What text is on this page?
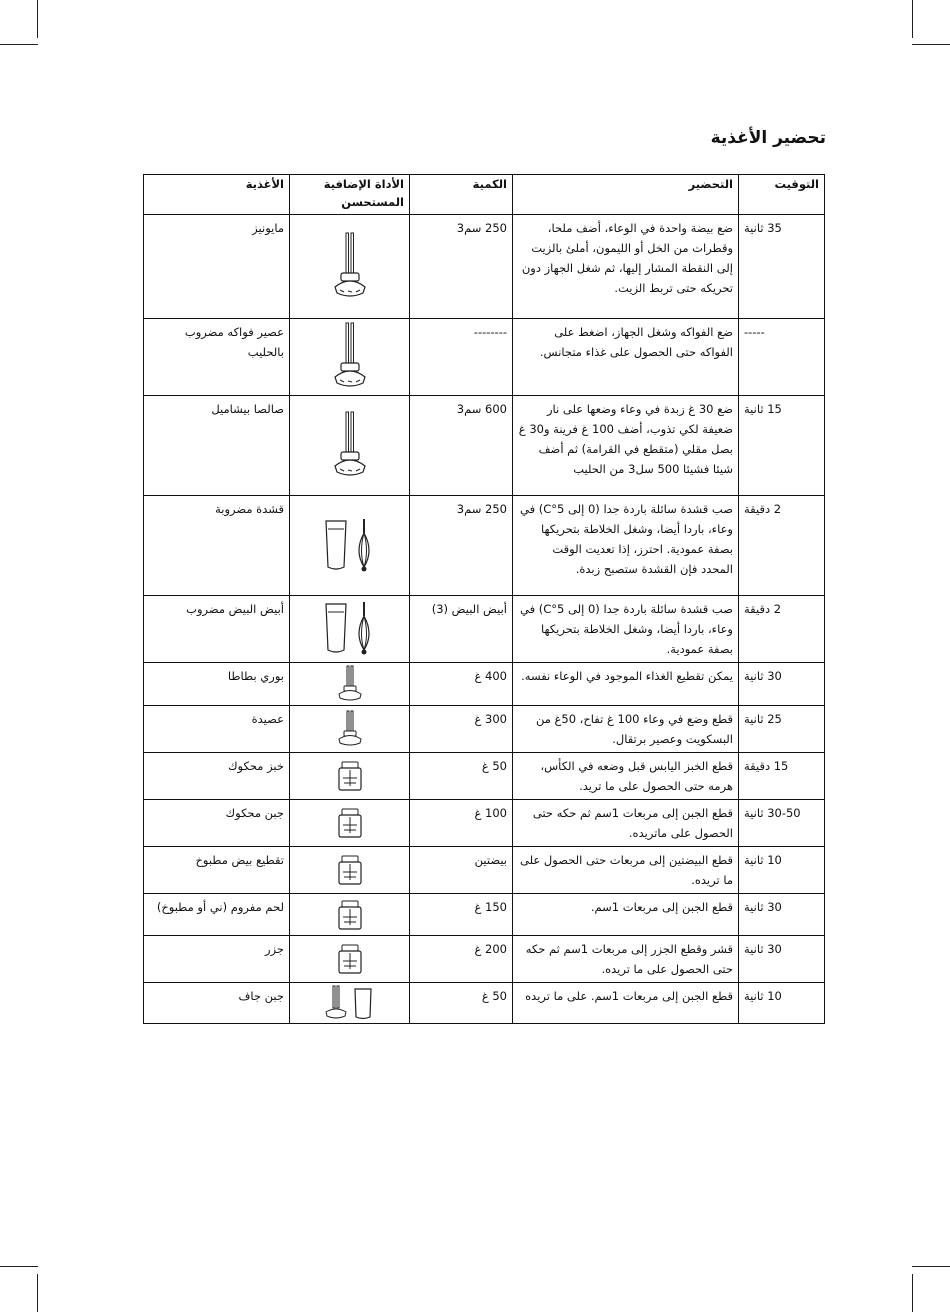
تحضير الأغذية
التوقيت	التحضير	الكمية	الأداة الإضافية المستحسن	الأغذية
35 ثانية	ضع بيضة واحدة في الوعاء، أضف ملحا، وقطرات من الخل أو الليمون، أملئ بالزيت إلى النقطة المشار إليها، ثم شغل الجهاز دون تحريكه حتى تربط الزيت.	250 سم3		مايونيز
-----	ضع الفواكه وشغل الجهاز، اضغط على الفواكه حتى الحصول على غذاء متجانس.	--------		عصير فواكه مضروب بالحليب
15 ثانية	ضع 30 غ زبدة في وعاء وضعها على نار ضعيفة لكي تذوب، أضف 100 غ فرينة و30 غ بصل مقلي (متقطع في القرامة) ثم أضف شيئا فشيئا 500 سل3 من الحليب	600 سم3		صالصا بيشاميل
2 دقيقة	صب قشدة سائلة باردة جدا (0 إلى 5°C) في وعاء، باردا أيضا، وشغل الخلاطة بتحريكها بصفة عمودية. احترز، إذا تعديت الوقت المحدد فإن القشدة ستصبح زبدة.	250 سم3		قشدة مضروبة
2 دقيقة	صب قشدة سائلة باردة جدا (0 إلى 5°C) في وعاء، باردا أيضا، وشغل الخلاطة بتحريكها بصفة عمودية.	أبيض البيض (3)		أبيض البيض مضروب
30 ثانية	يمكن تقطيع الغذاء الموجود في الوعاء نفسه.	400 غ		بوري بطاطا
25 ثانية	قطع وضع في وعاء 100 غ تفاح، 50غ من البسكويت وعصير برتقال.	300 غ		عصيدة
15 دقيقة	قطع الخبز اليابس قبل وضعه في الكأس، هرمه حتى الحصول على ما تريد.	50 غ		خبز محكوك
30-50 ثانية	قطع الجبن إلى مربعات 1سم ثم حكه حتى الحصول على ماتريده.	100 غ		جبن محكوك
10 ثانية	قطع البيضتين إلى مربعات حتى الحصول على ما تريده.	بيضتين		تقطيع بيض مطبوخ
30 ثانية	قطع الجبن إلى مربعات 1سم.	150 غ		لحم مفروم (ني أو مطبوخ)
30 ثانية	قشر وقطع الجزر إلى مربعات 1سم ثم حكه حتى الحصول على ما تريده.	200 غ		جزر
10 ثانية	قطع الجبن إلى مربعات 1سم. على ما تريده	50 غ		جبن جاف
